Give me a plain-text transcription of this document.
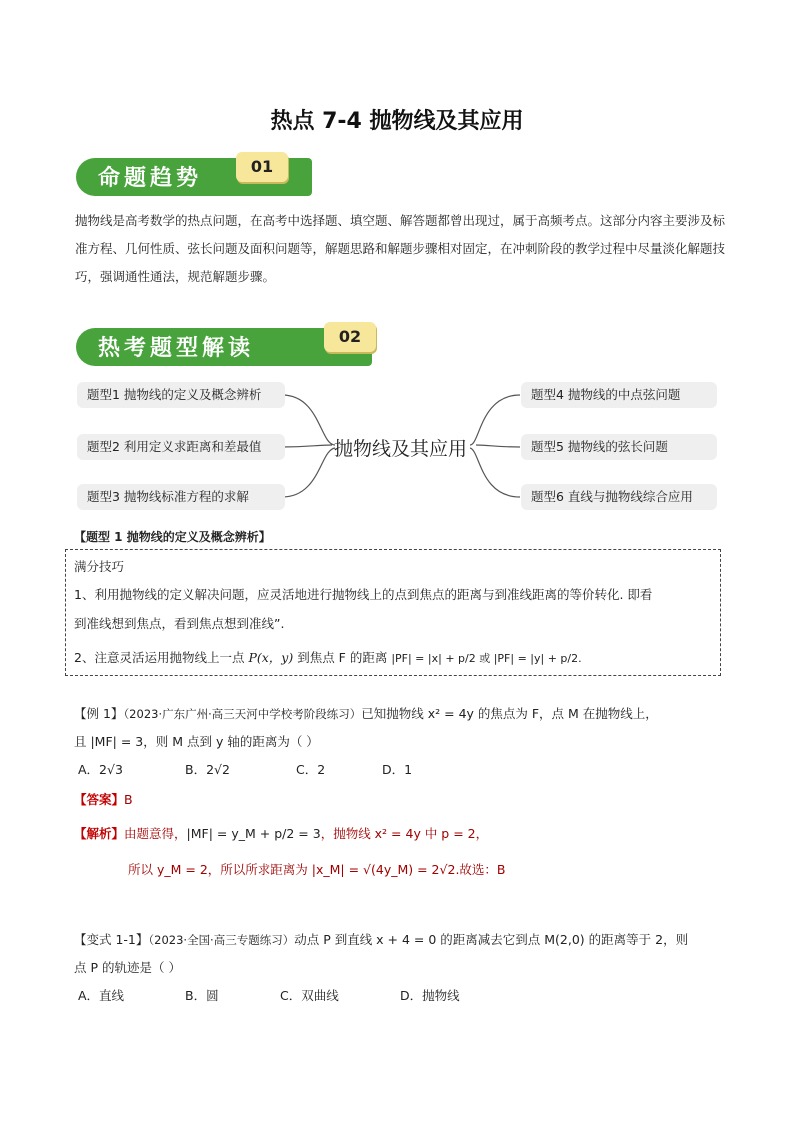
热点 7-4 抛物线及其应用
命题趋势	01
抛物线是高考数学的热点问题，在高考中选择题、填空题、解答题都曾出现过，属于高频考点。这部分内容主要涉及标准方程、几何性质、弦长问题及面积问题等，解题思路和解题步骤相对固定，在冲刺阶段的教学过程中尽量淡化解题技巧，强调通性通法，规范解题步骤。
热考题型解读	02
题型1 抛物线的定义及概念辨析
题型2 利用定义求距离和差最值
题型3 抛物线标准方程的求解
抛物线及其应用
题型4 抛物线的中点弦问题
题型5 抛物线的弦长问题
题型6 直线与抛物线综合应用
【题型 1 抛物线的定义及概念辨析】
满分技巧
1、利用抛物线的定义解决问题，应灵活地进行抛物线上的点到焦点的距离与到准线距离的等价转化. 即看
到准线想到焦点，看到焦点想到准线”.
2、注意灵活运用抛物线上一点 P(x，y) 到焦点 F 的距离 |PF| = |x| + p/2 或 |PF| = |y| + p/2.
【例 1】（2023·广东广州·高三天河中学校考阶段练习）已知抛物线 x² = 4y 的焦点为 F，点 M 在抛物线上，
且 |MF| = 3，则 M 点到 y 轴的距离为（ ）
A．2√3	B．2√2	C．2	D．1
【答案】B
【解析】由题意得，|MF| = y_M + p/2 = 3，抛物线 x² = 4y 中 p = 2，
所以 y_M = 2，所以所求距离为 |x_M| = √(4y_M) = 2√2.故选：B
【变式 1-1】（2023·全国·高三专题练习）动点 P 到直线 x + 4 = 0 的距离减去它到点 M(2,0) 的距离等于 2，则
点 P 的轨迹是（ ）
A．直线	B．圆	C．双曲线	D．抛物线
